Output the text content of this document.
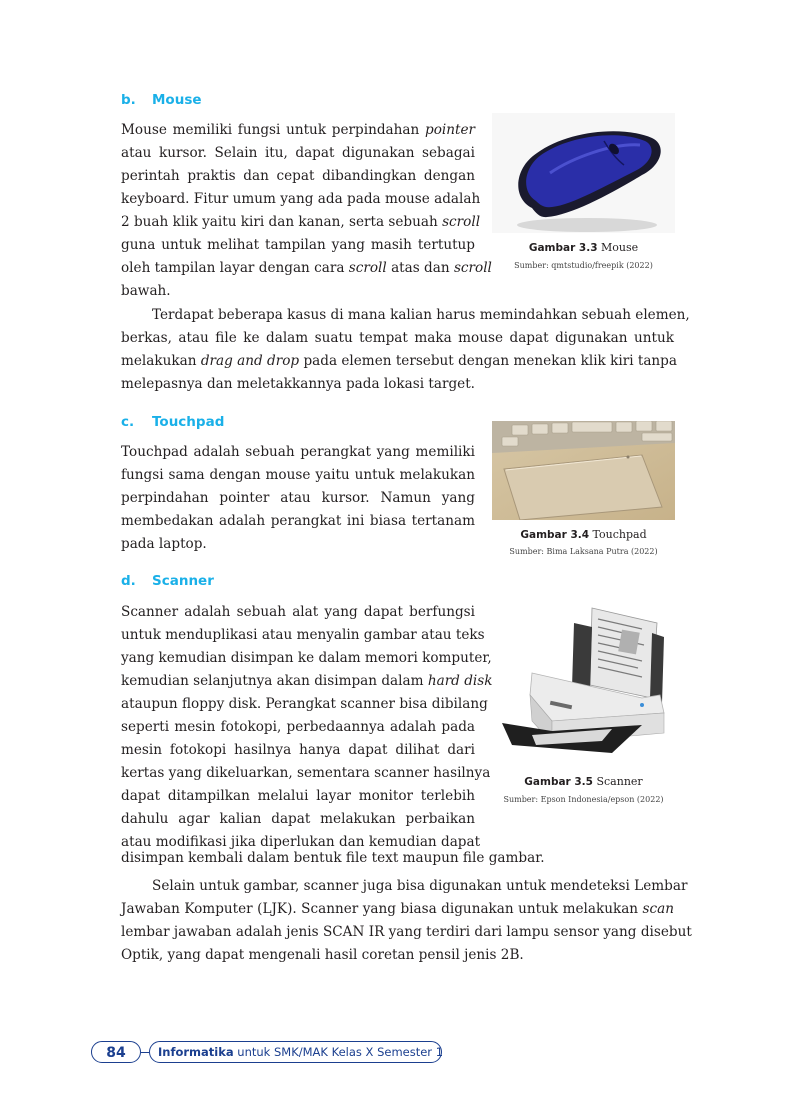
b. Mouse
Mouse memiliki fungsi untuk perpindahan pointer
atau kursor. Selain itu, dapat digunakan sebagai
perintah praktis dan cepat dibandingkan dengan
keyboard. Fitur umum yang ada pada mouse adalah
2 buah klik yaitu kiri dan kanan, serta sebuah scroll
guna untuk melihat tampilan yang masih tertutup
oleh tampilan layar dengan cara scroll atas dan scroll
bawah.
Gambar 3.3 Mouse
Sumber: qmtstudio/freepik (2022)
Terdapat beberapa kasus di mana kalian harus memindahkan sebuah elemen,
berkas, atau file ke dalam suatu tempat maka mouse dapat digunakan untuk
melakukan drag and drop pada elemen tersebut dengan menekan klik kiri tanpa
melepasnya dan meletakkannya pada lokasi target.
c. Touchpad
Touchpad adalah sebuah perangkat yang memiliki
fungsi sama dengan mouse yaitu untuk melakukan
perpindahan pointer atau kursor. Namun yang
membedakan adalah perangkat ini biasa tertanam
pada laptop.
Gambar 3.4 Touchpad
Sumber: Bima Laksana Putra (2022)
d. Scanner
Scanner adalah sebuah alat yang dapat berfungsi
untuk menduplikasi atau menyalin gambar atau teks
yang kemudian disimpan ke dalam memori komputer,
kemudian selanjutnya akan disimpan dalam hard disk
ataupun floppy disk. Perangkat scanner bisa dibilang
seperti mesin fotokopi, perbedaannya adalah pada
mesin fotokopi hasilnya hanya dapat dilihat dari
kertas yang dikeluarkan, sementara scanner hasilnya
dapat ditampilkan melalui layar monitor terlebih
dahulu agar kalian dapat melakukan perbaikan
atau modifikasi jika diperlukan dan kemudian dapat
disimpan kembali dalam bentuk file text maupun file gambar.
Gambar 3.5 Scanner
Sumber: Epson Indonesia/epson (2022)
Selain untuk gambar, scanner juga bisa digunakan untuk mendeteksi Lembar
Jawaban Komputer (LJK). Scanner yang biasa digunakan untuk melakukan scan
lembar jawaban adalah jenis SCAN IR yang terdiri dari lampu sensor yang disebut
Optik, yang dapat mengenali hasil coretan pensil jenis 2B.
84	Informatika untuk SMK/MAK Kelas X Semester 1
